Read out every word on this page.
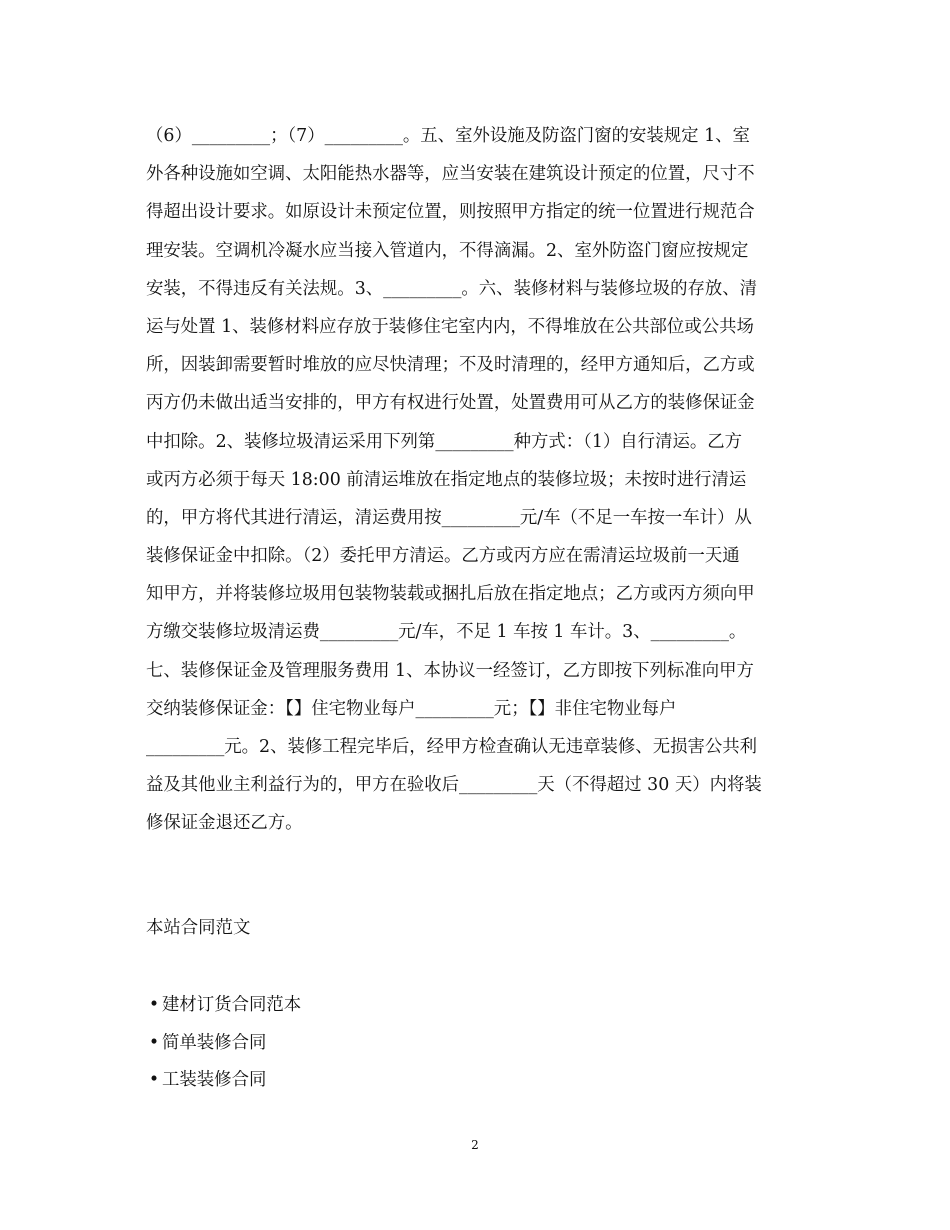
（6）_________；（7）_________。五、室外设施及防盗门窗的安装规定 1、室
外各种设施如空调、太阳能热水器等，应当安装在建筑设计预定的位置，尺寸不
得超出设计要求。如原设计未预定位置，则按照甲方指定的统一位置进行规范合
理安装。空调机冷凝水应当接入管道内，不得滴漏。2、室外防盗门窗应按规定
安装，不得违反有关法规。3、_________。六、装修材料与装修垃圾的存放、清
运与处置 1、装修材料应存放于装修住宅室内内，不得堆放在公共部位或公共场
所，因装卸需要暂时堆放的应尽快清理；不及时清理的，经甲方通知后，乙方或
丙方仍未做出适当安排的，甲方有权进行处置，处置费用可从乙方的装修保证金
中扣除。2、装修垃圾清运采用下列第_________种方式：（1）自行清运。乙方
或丙方必须于每天 18:00 前清运堆放在指定地点的装修垃圾；未按时进行清运
的，甲方将代其进行清运，清运费用按_________元/车（不足一车按一车计）从
装修保证金中扣除。（2）委托甲方清运。乙方或丙方应在需清运垃圾前一天通
知甲方，并将装修垃圾用包装物装载或捆扎后放在指定地点；乙方或丙方须向甲
方缴交装修垃圾清运费_________元/车，不足 1 车按 1 车计。3、_________。
七、装修保证金及管理服务费用 1、本协议一经签订，乙方即按下列标准向甲方
交纳装修保证金：【】住宅物业每户_________元；【】非住宅物业每户
_________元。2、装修工程完毕后，经甲方检查确认无违章装修、无损害公共利
益及其他业主利益行为的，甲方在验收后_________天（不得超过 30 天）内将装
修保证金退还乙方。
本站合同范文
• 建材订货合同范本
• 简单装修合同
• 工装装修合同
2
